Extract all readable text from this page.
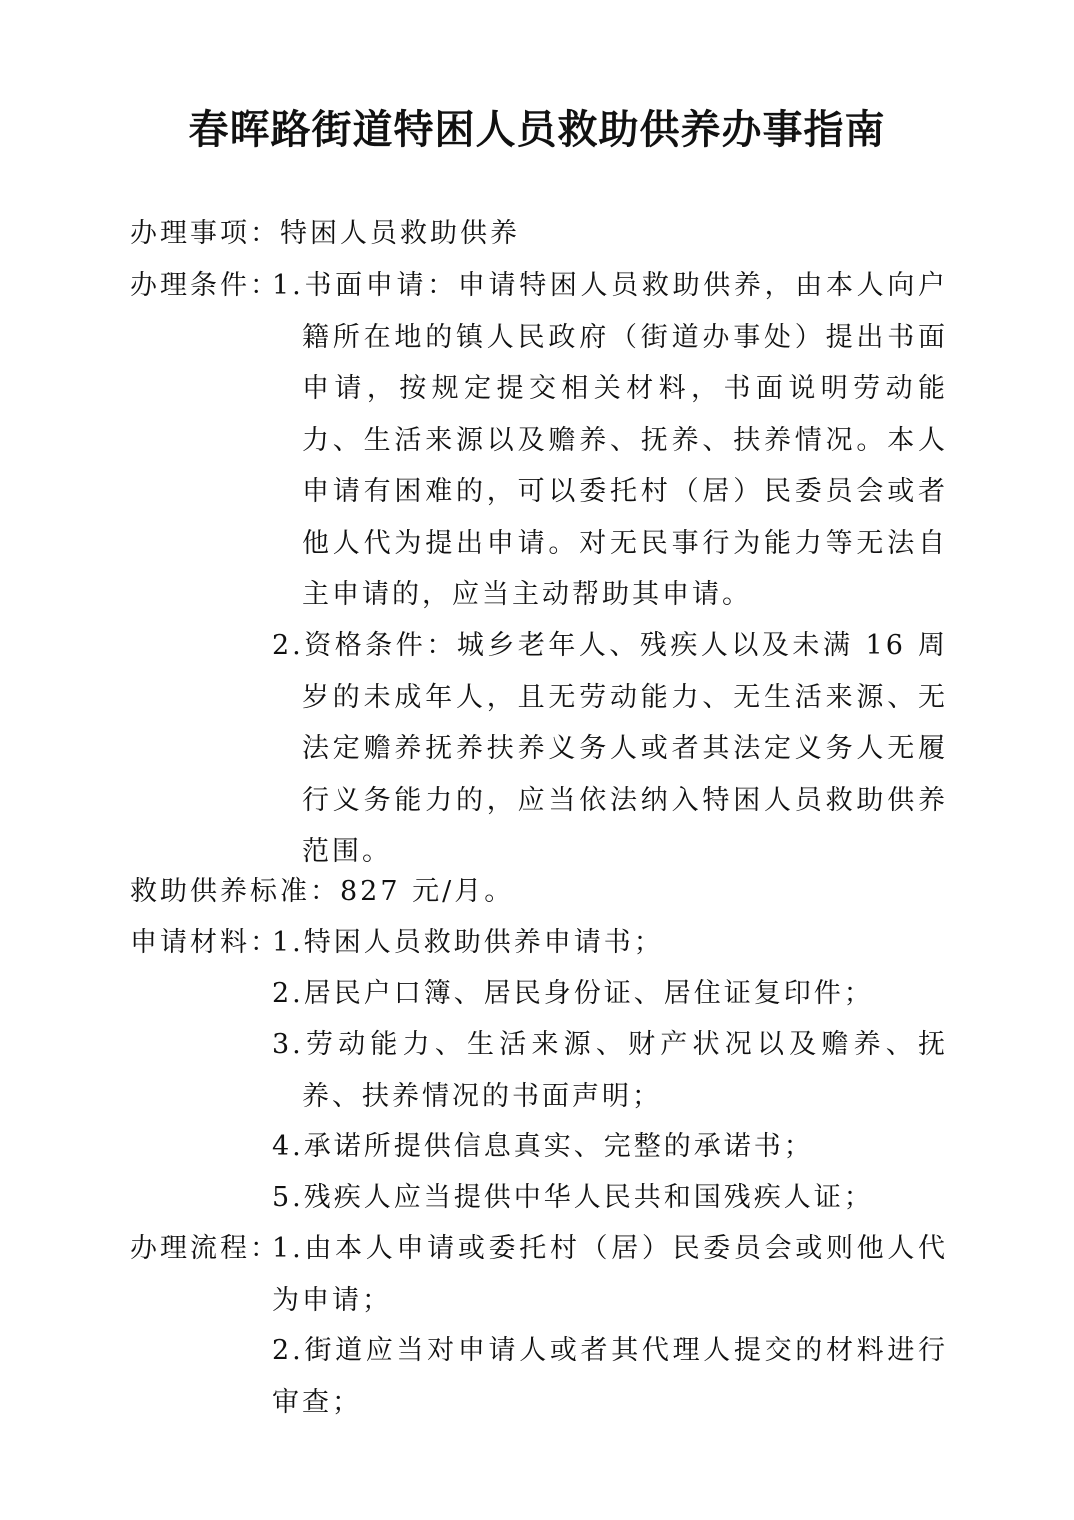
春晖路街道特困人员救助供养办事指南
办理事项：特困人员救助供养
办理条件：
1.书面申请：申请特困人员救助供养，由本人向户籍所在地的镇人民政府（街道办事处）提出书面申请，按规定提交相关材料，书面说明劳动能力、生活来源以及赡养、抚养、扶养情况。本人申请有困难的，可以委托村（居）民委员会或者他人代为提出申请。对无民事行为能力等无法自主申请的，应当主动帮助其申请。
2.资格条件：城乡老年人、残疾人以及未满 16 周岁的未成年人，且无劳动能力、无生活来源、无法定赡养抚养扶养义务人或者其法定义务人无履行义务能力的，应当依法纳入特困人员救助供养范围。
救助供养标准：827 元/月。
申请材料：
1.特困人员救助供养申请书；
2.居民户口簿、居民身份证、居住证复印件；
3.劳动能力、生活来源、财产状况以及赡养、抚养、扶养情况的书面声明；
4.承诺所提供信息真实、完整的承诺书；
5.残疾人应当提供中华人民共和国残疾人证；
办理流程：
1.由本人申请或委托村（居）民委员会或则他人代为申请；
2.街道应当对申请人或者其代理人提交的材料进行审查；
